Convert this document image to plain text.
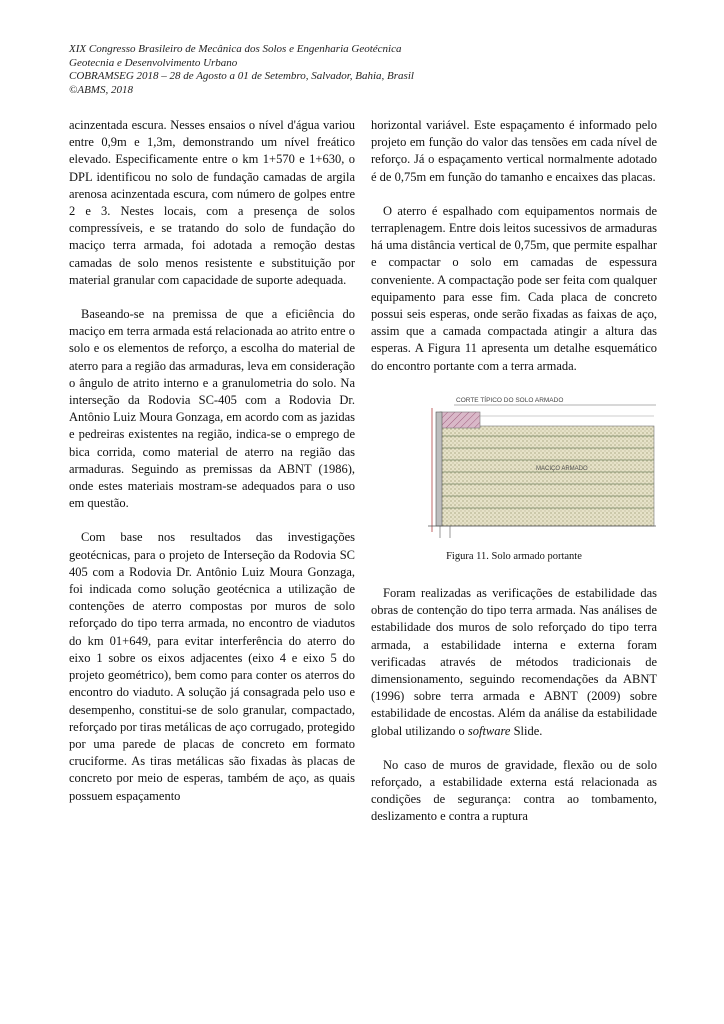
XIX Congresso Brasileiro de Mecânica dos Solos e Engenharia Geotécnica
Geotecnia e Desenvolvimento Urbano
COBRAMSEG 2018 – 28 de Agosto a 01 de Setembro, Salvador, Bahia, Brasil
©ABMS, 2018

acinzentada escura. Nesses ensaios o nível d'água variou entre 0,9m e 1,3m, demonstrando um nível freático elevado. Especificamente entre o km 1+570 e 1+630, o DPL identificou no solo de fundação camadas de argila arenosa acinzentada escura, com número de golpes entre 2 e 3. Nestes locais, com a presença de solos compressíveis, e se tratando do solo de fundação do maciço terra armada, foi adotada a remoção destas camadas de solo menos resistente e substituição por material granular com capacidade de suporte adequada.

Baseando-se na premissa de que a eficiência do maciço em terra armada está relacionada ao atrito entre o solo e os elementos de reforço, a escolha do material de aterro para a região das armaduras, leva em consideração o ângulo de atrito interno e a granulometria do solo. Na interseção da Rodovia SC-405 com a Rodovia Dr. Antônio Luiz Moura Gonzaga, em acordo com as jazidas e pedreiras existentes na região, indica-se o emprego de bica corrida, como material de aterro na região das armaduras. Seguindo as premissas da ABNT (1986), onde estes materiais mostram-se adequados para o uso em questão.

Com base nos resultados das investigações geotécnicas, para o projeto de Interseção da Rodovia SC 405 com a Rodovia Dr. Antônio Luiz Moura Gonzaga, foi indicada como solução geotécnica a utilização de contenções de aterro compostas por muros de solo reforçado do tipo terra armada, no encontro de viadutos do km 01+649, para evitar interferência do aterro do eixo 1 sobre os eixos adjacentes (eixo 4 e eixo 5 do projeto geométrico), bem como para conter os aterros do encontro do viaduto. A solução já consagrada pelo uso e desempenho, constitui-se de solo granular, compactado, reforçado por tiras metálicas de aço corrugado, protegido por uma parede de placas de concreto em formato cruciforme. As tiras metálicas são fixadas às placas de concreto por meio de esperas, também de aço, as quais possuem espaçamento

horizontal variável. Este espaçamento é informado pelo projeto em função do valor das tensões em cada nível de reforço. Já o espaçamento vertical normalmente adotado é de 0,75m em função do tamanho e encaixes das placas.

O aterro é espalhado com equipamentos normais de terraplenagem. Entre dois leitos sucessivos de armaduras há uma distância vertical de 0,75m, que permite espalhar e compactar o solo em camadas de espessura conveniente. A compactação pode ser feita com qualquer equipamento para esse fim. Cada placa de concreto possui seis esperas, onde serão fixadas as faixas de aço, assim que a camada compactada atingir a altura das esperas. A Figura 11 apresenta um detalhe esquemático do encontro portante com a terra armada.

CORTE TÍPICO DO SOLO ARMADO
MACIÇO ARMADO
Figura 11. Solo armado portante

Foram realizadas as verificações de estabilidade das obras de contenção do tipo terra armada. Nas análises de estabilidade dos muros de solo reforçado do tipo terra armada, a estabilidade interna e externa foram verificadas através de métodos tradicionais de dimensionamento, seguindo recomendações da ABNT (1996) sobre terra armada e ABNT (2009) sobre estabilidade de encostas. Além da análise da estabilidade global utilizando o software Slide.

No caso de muros de gravidade, flexão ou de solo reforçado, a estabilidade externa está relacionada as condições de segurança: contra ao tombamento, deslizamento e contra a ruptura
